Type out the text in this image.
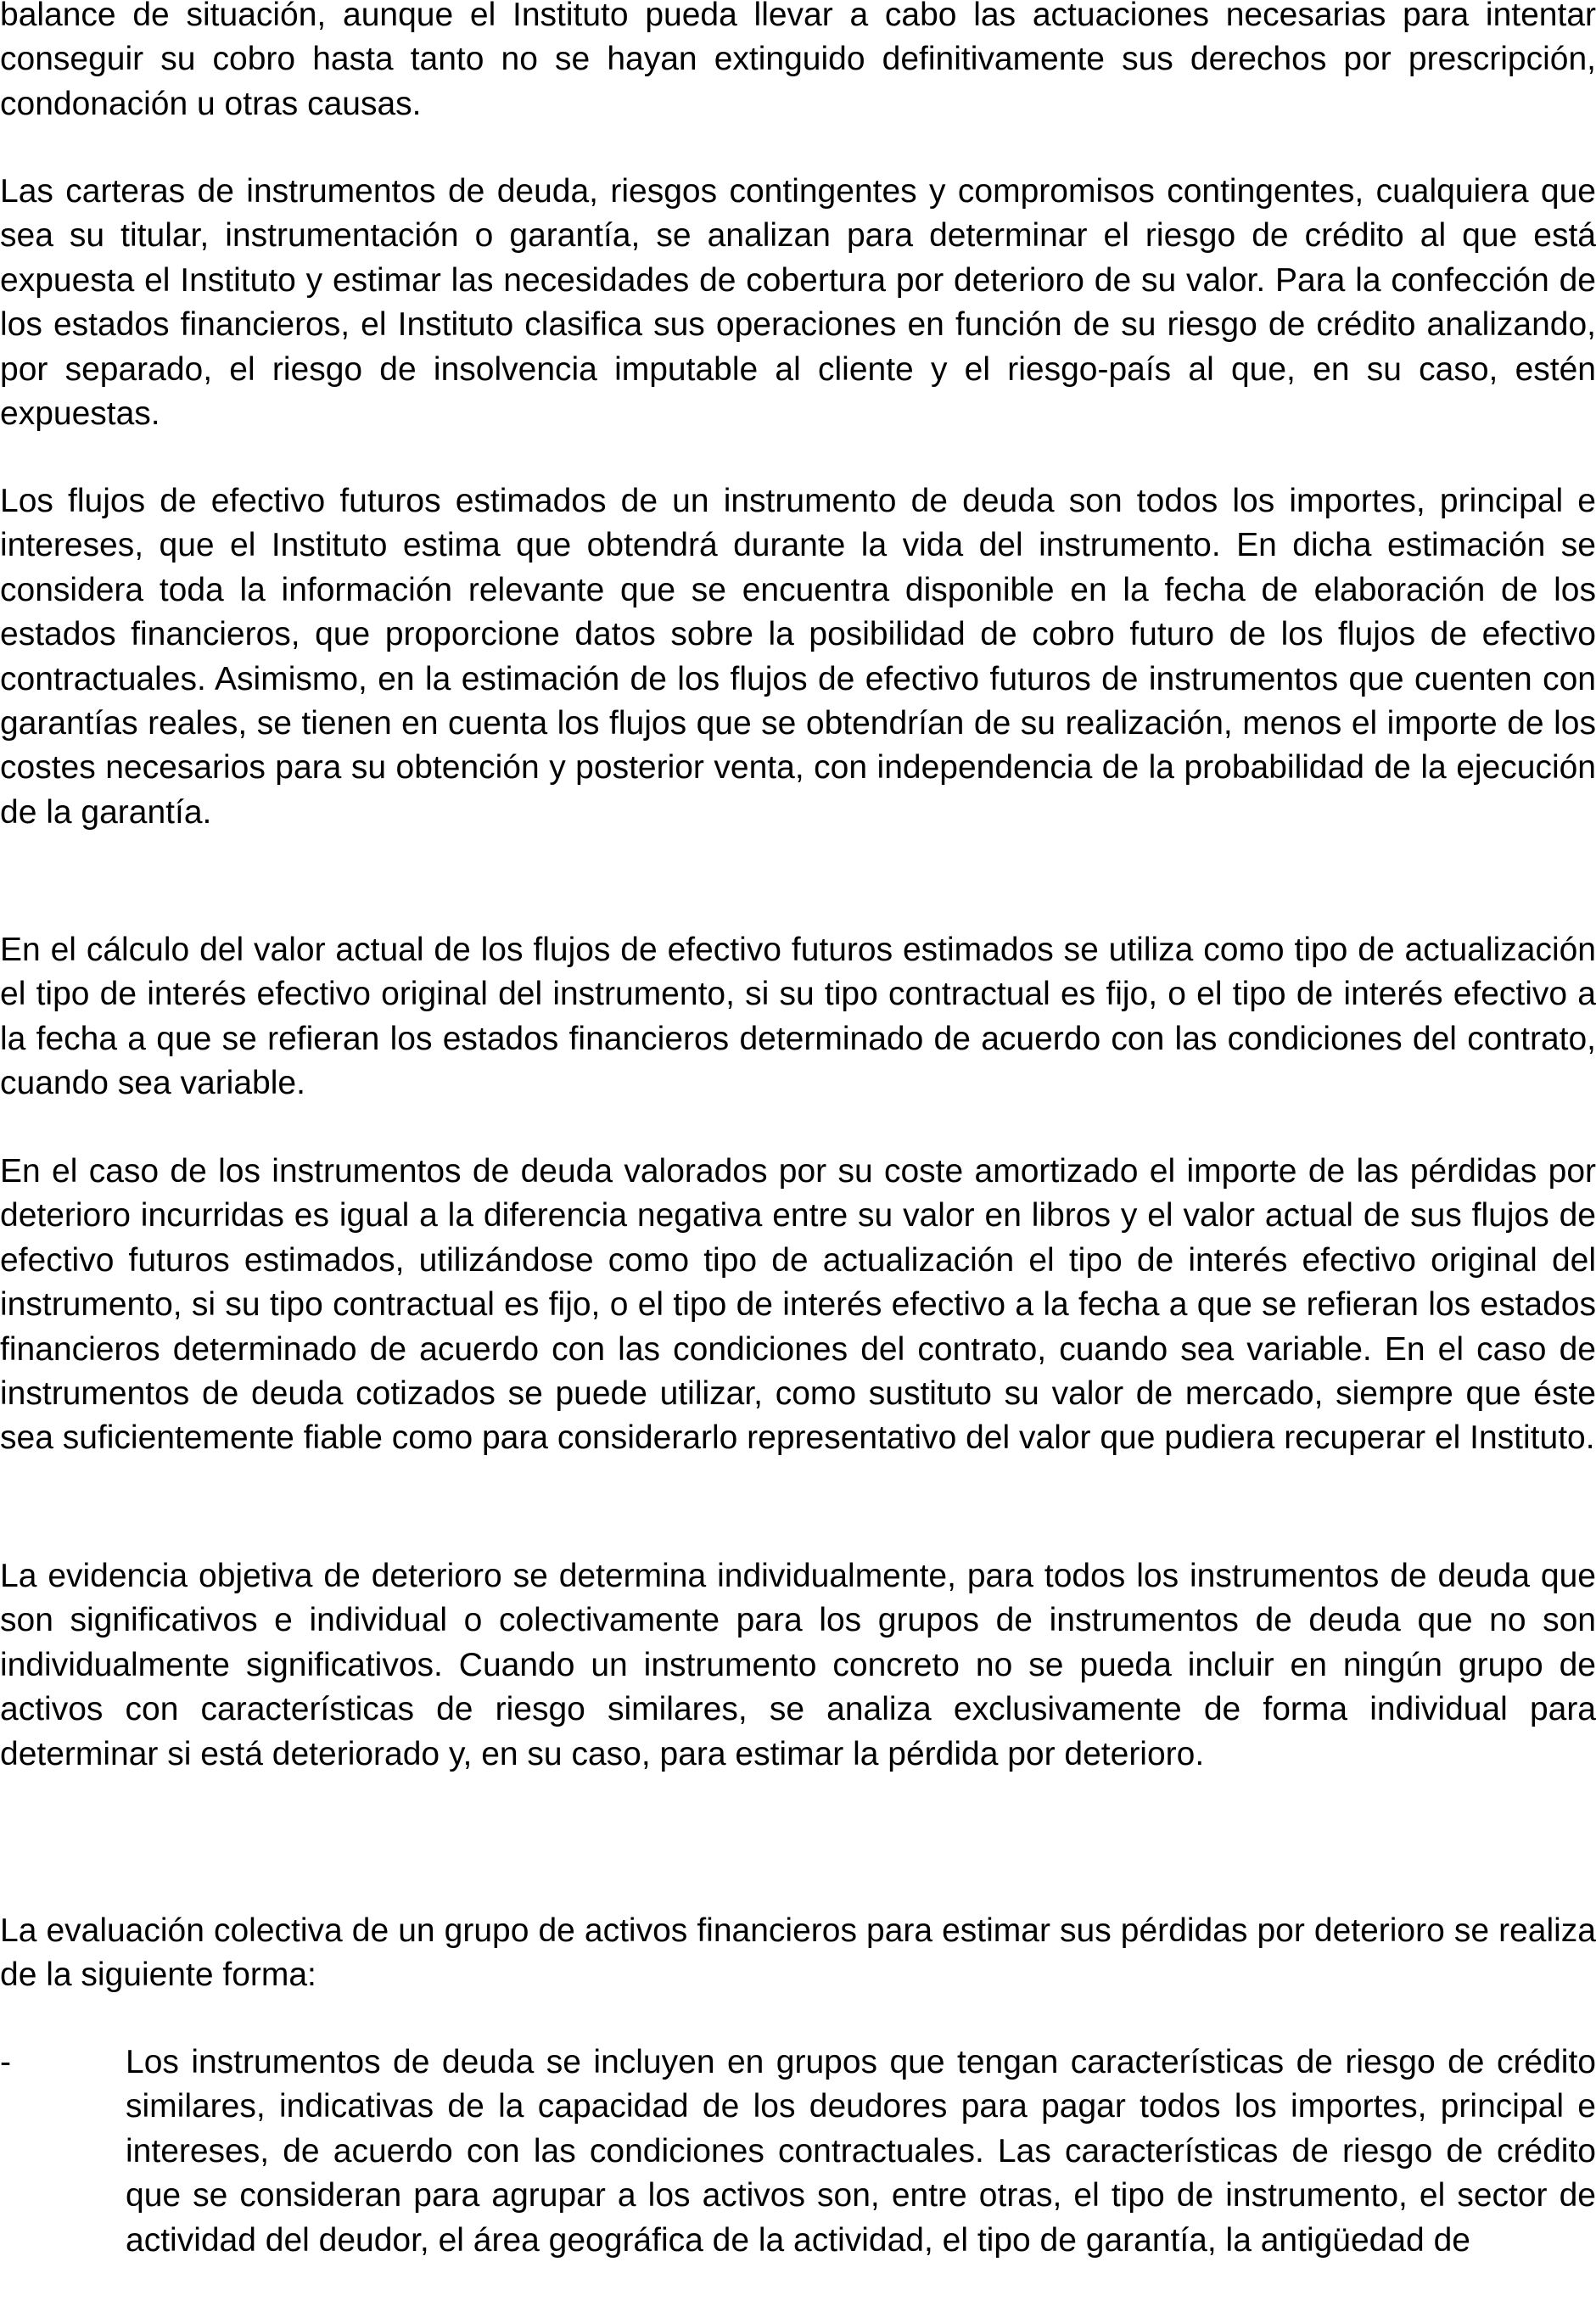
balance de situación, aunque el Instituto pueda llevar a cabo las actuaciones necesarias para intentar conseguir su cobro hasta tanto no se hayan extinguido definitivamente sus derechos por prescripción, condonación u otras causas.

Las carteras de instrumentos de deuda, riesgos contingentes y compromisos contingentes, cualquiera que sea su titular, instrumentación o garantía, se analizan para determinar el riesgo de crédito al que está expuesta el Instituto y estimar las necesidades de cobertura por deterioro de su valor. Para la confección de los estados financieros, el Instituto clasifica sus operaciones en función de su riesgo de crédito analizando, por separado, el riesgo de insolvencia imputable al cliente y el riesgo-país al que, en su caso, estén expuestas.

Los flujos de efectivo futuros estimados de un instrumento de deuda son todos los importes, principal e intereses, que el Instituto estima que obtendrá durante la vida del instrumento. En dicha estimación se considera toda la información relevante que se encuentra disponible en la fecha de elaboración de los estados financieros, que proporcione datos sobre la posibilidad de cobro futuro de los flujos de efectivo contractuales. Asimismo, en la estimación de los flujos de efectivo futuros de instrumentos que cuenten con garantías reales, se tienen en cuenta los flujos que se obtendrían de su realización, menos el importe de los costes necesarios para su obtención y posterior venta, con independencia de la probabilidad de la ejecución de la garantía.

En el cálculo del valor actual de los flujos de efectivo futuros estimados se utiliza como tipo de actualización el tipo de interés efectivo original del instrumento, si su tipo contractual es fijo, o el tipo de interés efectivo a la fecha a que se refieran los estados financieros determinado de acuerdo con las condiciones del contrato, cuando sea variable.

En el caso de los instrumentos de deuda valorados por su coste amortizado el importe de las pérdidas por deterioro incurridas es igual a la diferencia negativa entre su valor en libros y el valor actual de sus flujos de efectivo futuros estimados, utilizándose como tipo de actualización el tipo de interés efectivo original del instrumento, si su tipo contractual es fijo, o el tipo de interés efectivo a la fecha a que se refieran los estados financieros determinado de acuerdo con las condiciones del contrato, cuando sea variable. En el caso de instrumentos de deuda cotizados se puede utilizar, como sustituto su valor de mercado, siempre que éste sea suficientemente fiable como para considerarlo representativo del valor que pudiera recuperar el Instituto.

La evidencia objetiva de deterioro se determina individualmente, para todos los instrumentos de deuda que son significativos e individual o colectivamente para los grupos de instrumentos de deuda que no son individualmente significativos. Cuando un instrumento concreto no se pueda incluir en ningún grupo de activos con características de riesgo similares, se analiza exclusivamente de forma individual para determinar si está deteriorado y, en su caso, para estimar la pérdida por deterioro.

La evaluación colectiva de un grupo de activos financieros para estimar sus pérdidas por deterioro se realiza de la siguiente forma:

-	Los instrumentos de deuda se incluyen en grupos que tengan características de riesgo de crédito similares, indicativas de la capacidad de los deudores para pagar todos los importes, principal e intereses, de acuerdo con las condiciones contractuales. Las características de riesgo de crédito que se consideran para agrupar a los activos son, entre otras, el tipo de instrumento, el sector de actividad del deudor, el área geográfica de la actividad, el tipo de garantía, la antigüedad de
